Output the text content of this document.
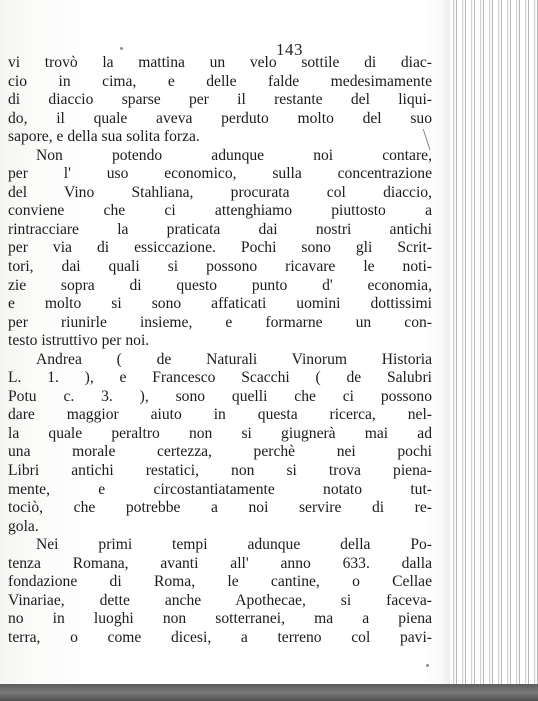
143
vi trovò la mattina un velo sottile di diac-
cio in cima, e delle falde medesimamente
di diaccio sparse per il restante del liqui-
do, il quale aveva perduto molto del suo
sapore, e della sua solita forza.
Non potendo adunque noi contare,
per l' uso economico, sulla concentrazione
del Vino Stahliana, procurata col diaccio,
conviene che ci attenghiamo piuttosto a
rintracciare la praticata dai nostri antichi
per via di essiccazione. Pochi sono gli Scrit-
tori, dai quali si possono ricavare le noti-
zie sopra di questo punto d' economia,
e molto si sono affaticati uomini dottissimi
per riunirle insieme, e formarne un con-
testo istruttivo per noi.
Andrea ( de Naturali Vinorum Historia
L. 1. ), e Francesco Scacchi ( de Salubri
Potu c. 3. ), sono quelli che ci possono
dare maggior aiuto in questa ricerca, nel-
la quale peraltro non si giugnerà mai ad
una morale certezza, perchè nei pochi
Libri antichi restatici, non si trova piena-
mente, e circostantiatamente notato tut-
tociò, che potrebbe a noi servire di re-
gola.
Nei primi tempi adunque della Po-
tenza Romana, avanti all' anno 633. dalla
fondazione di Roma, le cantine, o Cellae
Vinariae, dette anche Apothecae, si faceva-
no in luoghi non sotterranei, ma a piena
terra, o come dicesi, a terreno col pavi-
